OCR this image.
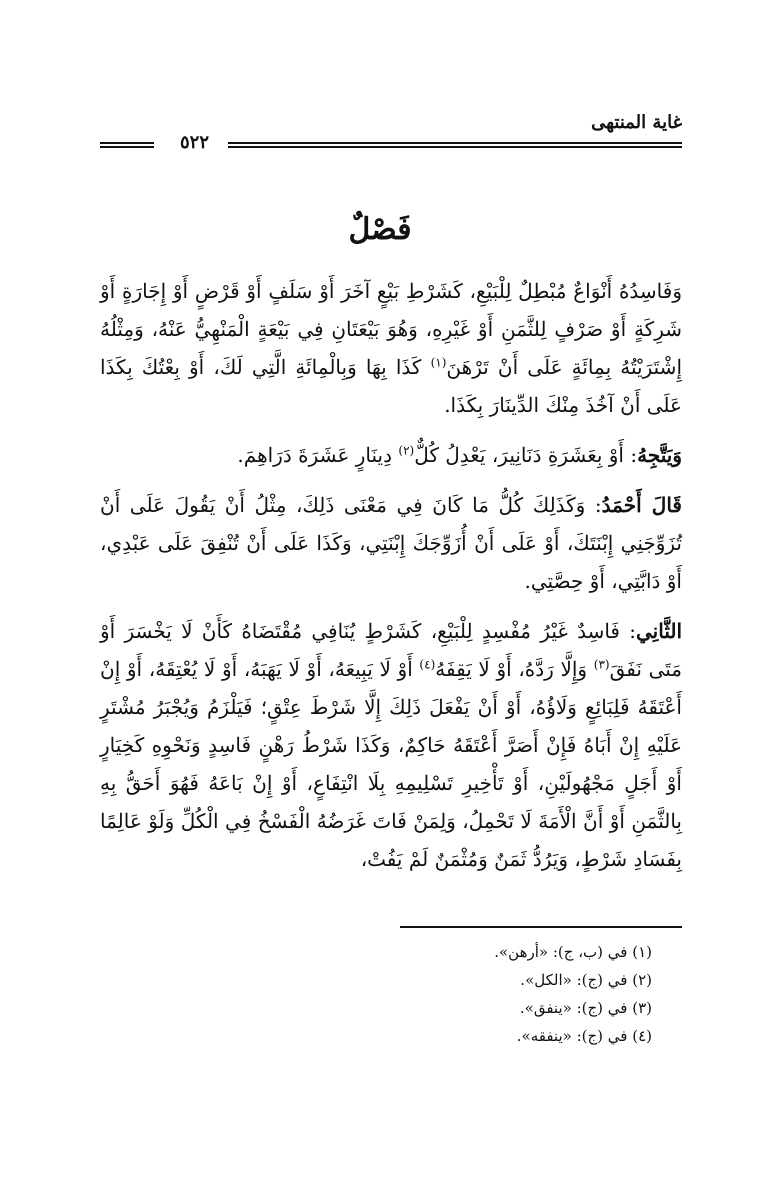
غاية المنتهى
٥٢٢
فَصْلٌ

وَفَاسِدُهُ أَنْوَاعٌ مُبْطِلٌ لِلْبَيْعِ، كَشَرْطِ بَيْعٍ آخَرَ أَوْ سَلَفٍ أَوْ قَرْضٍ أَوْ إِجَارَةٍ أَوْ شَرِكَةٍ أَوْ صَرْفٍ لِلثَّمَنِ أَوْ غَيْرِهِ، وَهُوَ بَيْعَتَانِ فِي بَيْعَةٍ الْمَنْهِيُّ عَنْهُ، وَمِثْلُهُ إِشْتَرَيْتُهُ بِمِائَةٍ عَلَى أَنْ تَرْهَنَ$^{(١)}$ كَذَا بِهَا وَبِالْمِائَةِ الَّتِي لَكَ، أَوْ بِعْتُكَ بِكَذَا عَلَى أَنْ آخُذَ مِنْكَ الدِّينَارَ بِكَذَا.

وَيَتَّجِهُ: أَوْ بِعَشَرَةِ دَنَانِيرَ، يَعْدِلُ كُلٌّ$^{(٢)}$ دِينَارٍ عَشَرَةَ دَرَاهِمَ.

قَالَ أَحْمَدُ: وَكَذَلِكَ كُلُّ مَا كَانَ فِي مَعْنَى ذَلِكَ، مِثْلُ أَنْ يَقُولَ عَلَى أَنْ تُزَوِّجَنِي إِبْنَتَكَ، أَوْ عَلَى أَنْ أُزَوِّجَكَ إِبْنَتِي، وَكَذَا عَلَى أَنْ تُنْفِقَ عَلَى عَبْدِي، أَوْ دَابَّتِي، أَوْ حِصَّتِي.

الثَّانِي: فَاسِدٌ غَيْرُ مُفْسِدٍ لِلْبَيْعِ، كَشَرْطٍ يُنَافِي مُقْتَضَاهُ كَأَنْ لَا يَخْسَرَ أَوْ مَتَى نَفَقَ$^{(٣)}$ وَإِلَّا رَدَّهُ، أَوْ لَا يَقِفَهُ$^{(٤)}$ أَوْ لَا يَبِيعَهُ، أَوْ لَا يَهَبَهُ، أَوْ لَا يُعْتِقَهُ، أَوْ إِنْ أَعْتَقَهُ فَلِبَائِعٍ وَلَاؤُهُ، أَوْ أَنْ يَفْعَلَ ذَلِكَ إِلَّا شَرْطَ عِتْقٍ؛ فَيَلْزَمُ وَيُجْبَرُ مُشْتَرٍ عَلَيْهِ إِنْ أَبَاهُ فَإِنْ أَصَرَّ أَعْتَقَهُ حَاكِمٌ، وَكَذَا شَرْطُ رَهْنٍ فَاسِدٍ وَنَحْوِهِ كَخِيَارٍ أَوْ أَجَلٍ مَجْهُولَيْنِ، أَوْ تَأْخِيرِ تَسْلِيمِهِ بِلَا انْتِفَاعٍ، أَوْ إِنْ بَاعَهُ فَهُوَ أَحَقُّ بِهِ بِالثَّمَنِ أَوْ أَنَّ الْأَمَةَ لَا تَحْمِلُ، وَلِمَنْ فَاتَ غَرَضُهُ الْفَسْخُ فِي الْكُلِّ وَلَوْ عَالِمًا بِفَسَادِ شَرْطٍ، وَيَرُدُّ ثَمَنٌ وَمُثْمَنٌ لَمْ يَفُتْ،

(١) في (ب، ج): «أرهن».
(٢) في (ج): «الكل».
(٣) في (ج): «ينفق».
(٤) في (ج): «ينفقه».
